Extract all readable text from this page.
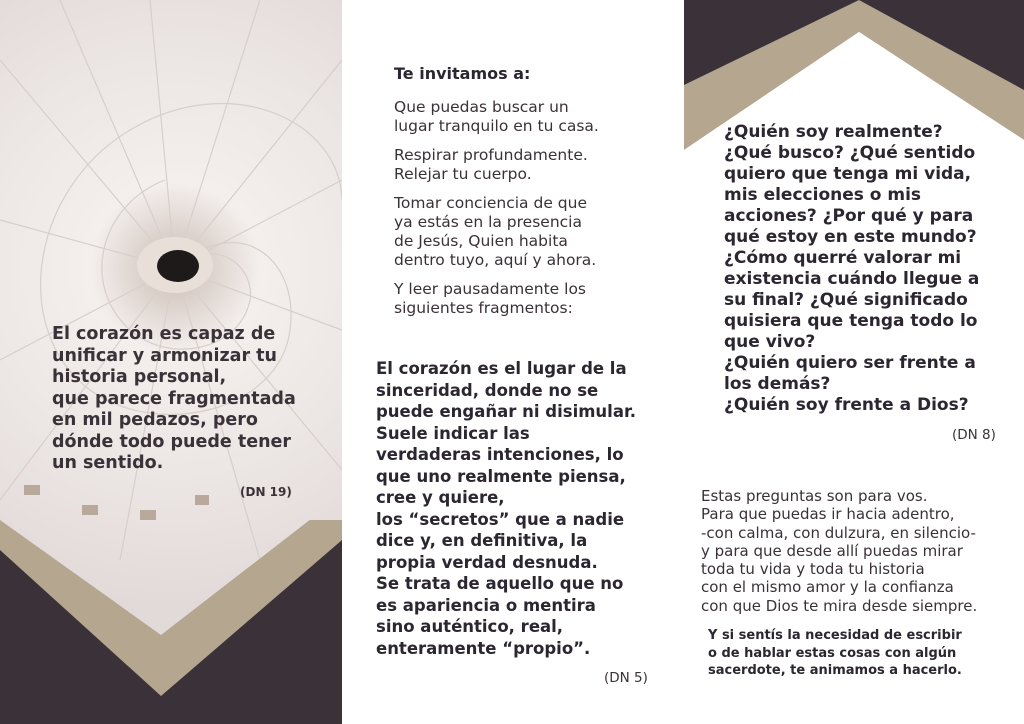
El corazón es capaz de
unificar y armonizar tu
historia personal,
que parece fragmentada
en mil pedazos, pero
dónde todo puede tener
un sentido.
(DN 19)
Te invitamos a:

Que puedas buscar un
lugar tranquilo en tu casa.

Respirar profundamente.
Relejar tu cuerpo.

Tomar conciencia de que
ya estás en la presencia
de Jesús, Quien habita
dentro tuyo, aquí y ahora.

Y leer pausadamente los
siguientes fragmentos:

El corazón es el lugar de la
sinceridad, donde no se
puede engañar ni disimular.
Suele indicar las
verdaderas intenciones, lo
que uno realmente piensa,
cree y quiere,
los “secretos” que a nadie
dice y, en definitiva, la
propia verdad desnuda.
Se trata de aquello que no
es apariencia o mentira
sino auténtico, real,
enteramente “propio”.
(DN 5)
¿Quién soy realmente?
¿Qué busco? ¿Qué sentido
quiero que tenga mi vida,
mis elecciones o mis
acciones? ¿Por qué y para
qué estoy en este mundo?
¿Cómo querré valorar mi
existencia cuándo llegue a
su final? ¿Qué significado
quisiera que tenga todo lo
que vivo?
¿Quién quiero ser frente a
los demás?
¿Quién soy frente a Dios?
(DN 8)
Estas preguntas son para vos.
Para que puedas ir hacia adentro,
-con calma, con dulzura, en silencio-
y para que desde allí puedas mirar
toda tu vida y toda tu historia
con el mismo amor y la confianza
con que Dios te mira desde siempre.
Y si sentís la necesidad de escribir
o de hablar estas cosas con algún
sacerdote, te animamos a hacerlo.
